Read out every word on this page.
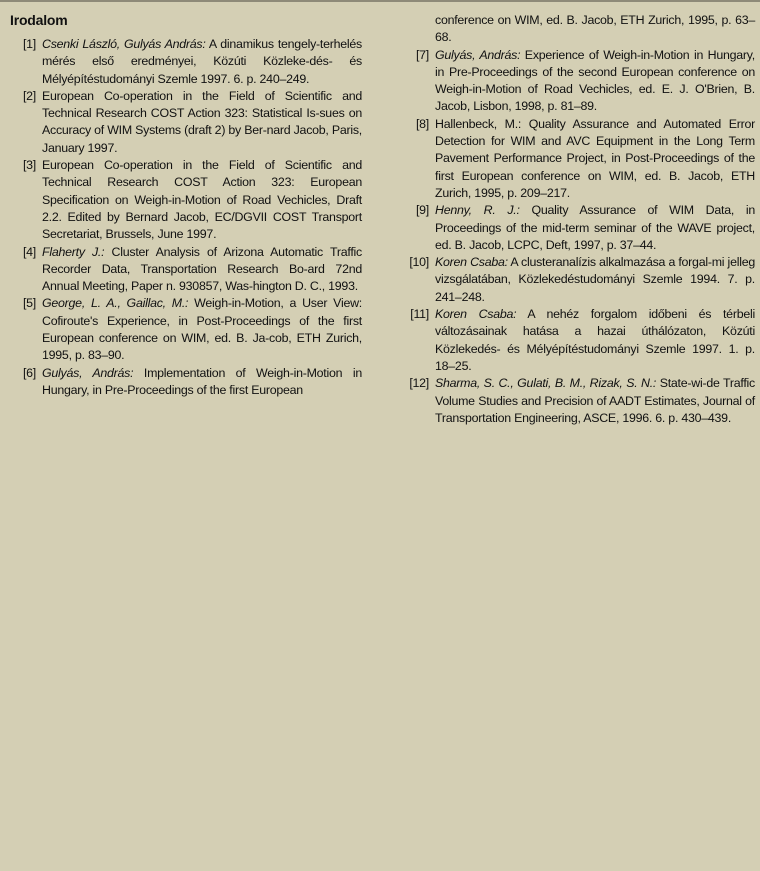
Irodalom
[1] Csenki László, Gulyás András: A dinamikus tengely-terhelés mérés első eredményei, Közúti Közleke-dés- és Mélyépítéstudományi Szemle 1997. 6. p. 240–249.
[2] European Co-operation in the Field of Scientific and Technical Research COST Action 323: Statistical Is-sues on Accuracy of WIM Systems (draft 2) by Ber-nard Jacob, Paris, January 1997.
[3] European Co-operation in the Field of Scientific and Technical Research COST Action 323: European Specification on Weigh-in-Motion of Road Vechicles, Draft 2.2. Edited by Bernard Jacob, EC/DGVII COST Transport Secretariat, Brussels, June 1997.
[4] Flaherty J.: Cluster Analysis of Arizona Automatic Traffic Recorder Data, Transportation Research Bo-ard 72nd Annual Meeting, Paper n. 930857, Was-hington D. C., 1993.
[5] George, L. A., Gaillac, M.: Weigh-in-Motion, a User View: Cofiroute's Experience, in Post-Proceedings of the first European conference on WIM, ed. B. Ja-cob, ETH Zurich, 1995, p. 83–90.
[6] Gulyás, András: Implementation of Weigh-in-Motion in Hungary, in Pre-Proceedings of the first European
conference on WIM, ed. B. Jacob, ETH Zurich, 1995, p. 63–68.
[7] Gulyás, András: Experience of Weigh-in-Motion in Hungary, in Pre-Proceedings of the second European conference on Weigh-in-Motion of Road Vechicles, ed. E. J. O'Brien, B. Jacob, Lisbon, 1998, p. 81–89.
[8] Hallenbeck, M.: Quality Assurance and Automated Error Detection for WIM and AVC Equipment in the Long Term Pavement Performance Project, in Post-Proceedings of the first European conference on WIM, ed. B. Jacob, ETH Zurich, 1995, p. 209–217.
[9] Henny, R. J.: Quality Assurance of WIM Data, in Proceedings of the mid-term seminar of the WAVE project, ed. B. Jacob, LCPC, Deft, 1997, p. 37–44.
[10] Koren Csaba: A clusteranalízis alkalmazása a forgal-mi jelleg vizsgálatában, Közlekedéstudományi Szemle 1994. 7. p. 241–248.
[11] Koren Csaba: A nehéz forgalom időbeni és térbeli változásainak hatása a hazai úthálózaton, Közúti Közlekedés- és Mélyépítéstudományi Szemle 1997. 1. p. 18–25.
[12] Sharma, S. C., Gulati, B. M., Rizak, S. N.: State-wi-de Traffic Volume Studies and Precision of AADT Estimates, Journal of Transportation Engineering, ASCE, 1996. 6. p. 430–439.
